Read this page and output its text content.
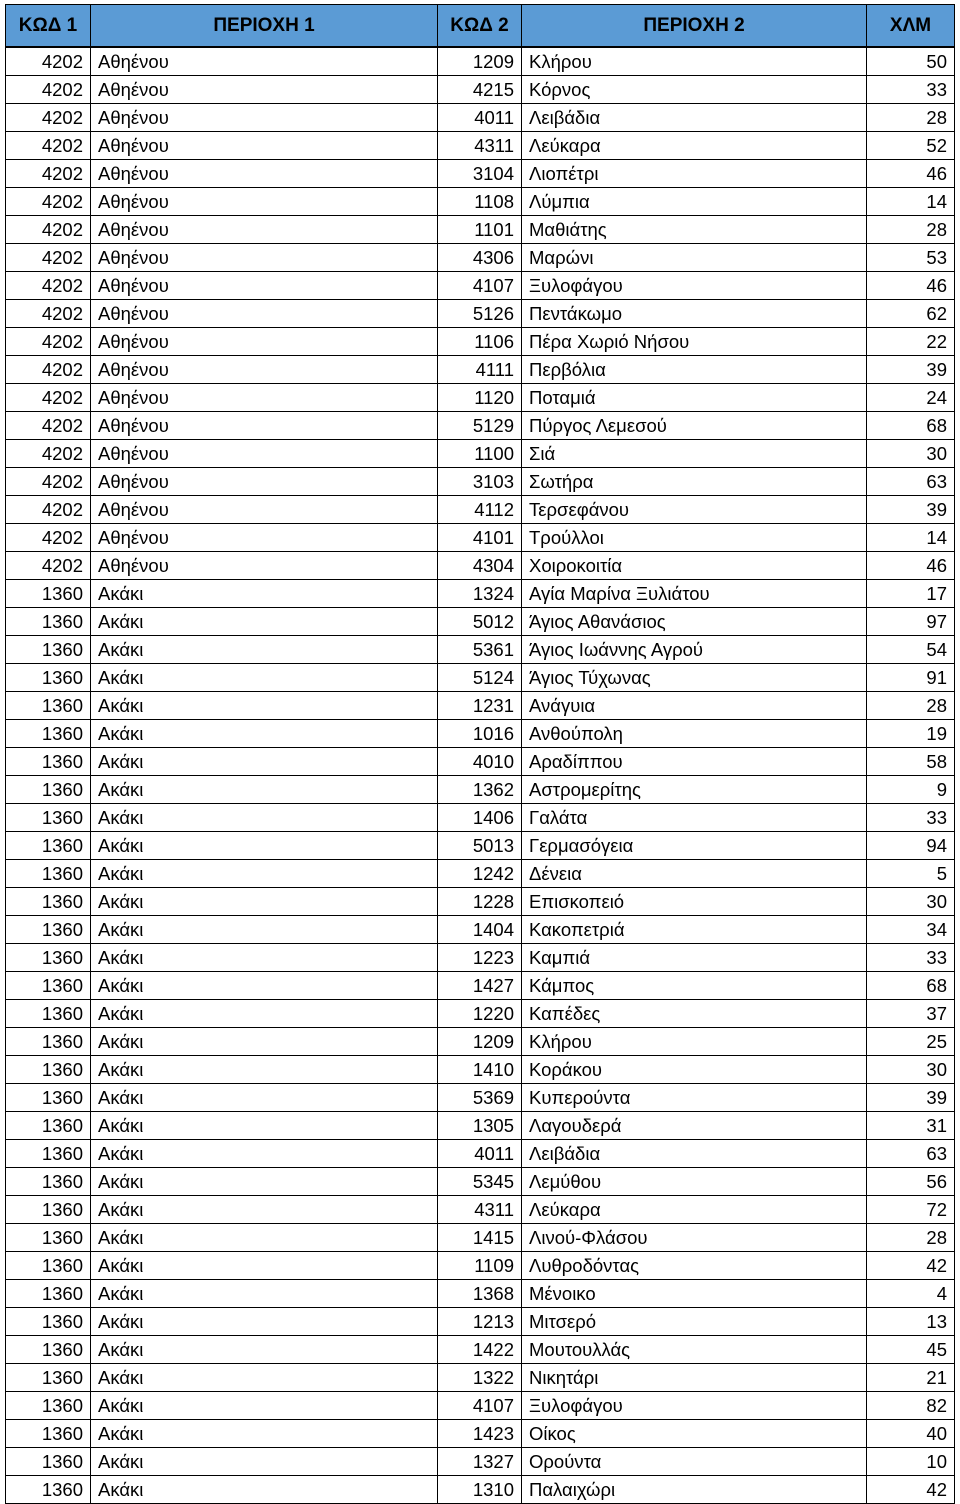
ΚΩΔ 1	ΠΕΡΙΟΧΗ 1	ΚΩΔ 2	ΠΕΡΙΟΧΗ 2	ΧΛΜ
4202	Αθηένου	1209	Κλήρου	50
4202	Αθηένου	4215	Κόρνος	33
4202	Αθηένου	4011	Λειβάδια	28
4202	Αθηένου	4311	Λεύκαρα	52
4202	Αθηένου	3104	Λιοπέτρι	46
4202	Αθηένου	1108	Λύμπια	14
4202	Αθηένου	1101	Μαθιάτης	28
4202	Αθηένου	4306	Μαρώνι	53
4202	Αθηένου	4107	Ξυλοφάγου	46
4202	Αθηένου	5126	Πεντάκωμο	62
4202	Αθηένου	1106	Πέρα Χωριό Νήσου	22
4202	Αθηένου	4111	Περβόλια	39
4202	Αθηένου	1120	Ποταμιά	24
4202	Αθηένου	5129	Πύργος Λεμεσού	68
4202	Αθηένου	1100	Σιά	30
4202	Αθηένου	3103	Σωτήρα	63
4202	Αθηένου	4112	Τερσεφάνου	39
4202	Αθηένου	4101	Τρούλλοι	14
4202	Αθηένου	4304	Χοιροκοιτία	46
1360	Ακάκι	1324	Αγία Μαρίνα Ξυλιάτου	17
1360	Ακάκι	5012	Άγιος Αθανάσιος	97
1360	Ακάκι	5361	Άγιος Ιωάννης Αγρού	54
1360	Ακάκι	5124	Άγιος Τύχωνας	91
1360	Ακάκι	1231	Ανάγυια	28
1360	Ακάκι	1016	Ανθούπολη	19
1360	Ακάκι	4010	Αραδίππου	58
1360	Ακάκι	1362	Αστρομερίτης	9
1360	Ακάκι	1406	Γαλάτα	33
1360	Ακάκι	5013	Γερμασόγεια	94
1360	Ακάκι	1242	Δένεια	5
1360	Ακάκι	1228	Επισκοπειό	30
1360	Ακάκι	1404	Κακοπετριά	34
1360	Ακάκι	1223	Καμπιά	33
1360	Ακάκι	1427	Κάμπος	68
1360	Ακάκι	1220	Καπέδες	37
1360	Ακάκι	1209	Κλήρου	25
1360	Ακάκι	1410	Κοράκου	30
1360	Ακάκι	5369	Κυπερούντα	39
1360	Ακάκι	1305	Λαγουδερά	31
1360	Ακάκι	4011	Λειβάδια	63
1360	Ακάκι	5345	Λεμύθου	56
1360	Ακάκι	4311	Λεύκαρα	72
1360	Ακάκι	1415	Λινού-Φλάσου	28
1360	Ακάκι	1109	Λυθροδόντας	42
1360	Ακάκι	1368	Μένοικο	4
1360	Ακάκι	1213	Μιτσερό	13
1360	Ακάκι	1422	Μουτουλλάς	45
1360	Ακάκι	1322	Νικητάρι	21
1360	Ακάκι	4107	Ξυλοφάγου	82
1360	Ακάκι	1423	Οίκος	40
1360	Ακάκι	1327	Ορούντα	10
1360	Ακάκι	1310	Παλαιχώρι	42
